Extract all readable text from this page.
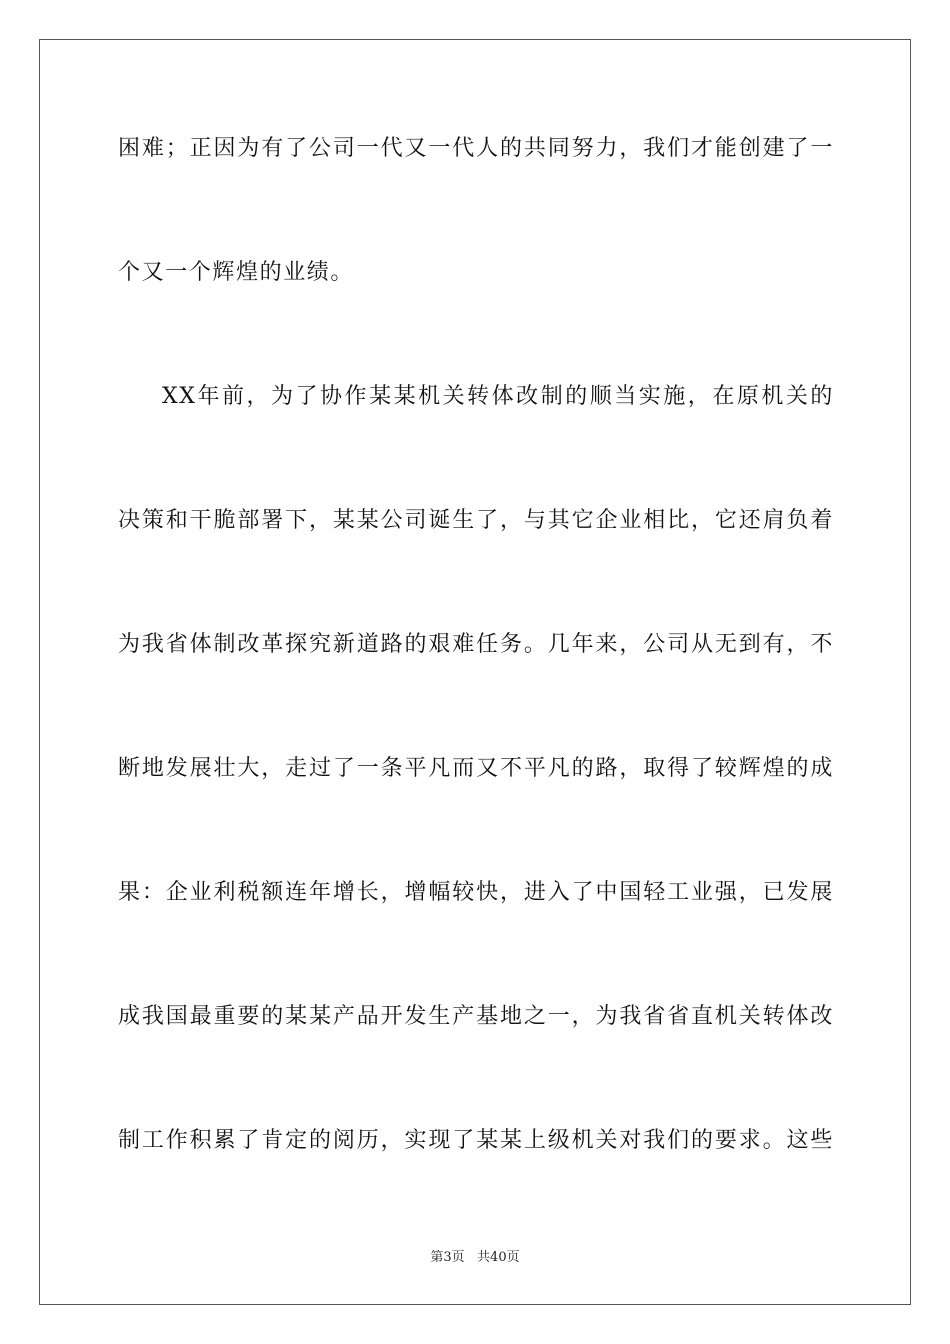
困难；正因为有了公司一代又一代人的共同努力，我们才能创建了一
个又一个辉煌的业绩。
XX年前，为了协作某某机关转体改制的顺当实施，在原机关的
决策和干脆部署下，某某公司诞生了，与其它企业相比，它还肩负着
为我省体制改革探究新道路的艰难任务。几年来，公司从无到有，不
断地发展壮大，走过了一条平凡而又不平凡的路，取得了较辉煌的成
果：企业利税额连年增长，增幅较快，进入了中国轻工业强，已发展
成我国最重要的某某产品开发生产基地之一，为我省省直机关转体改
制工作积累了肯定的阅历，实现了某某上级机关对我们的要求。这些
第3页   共40页
